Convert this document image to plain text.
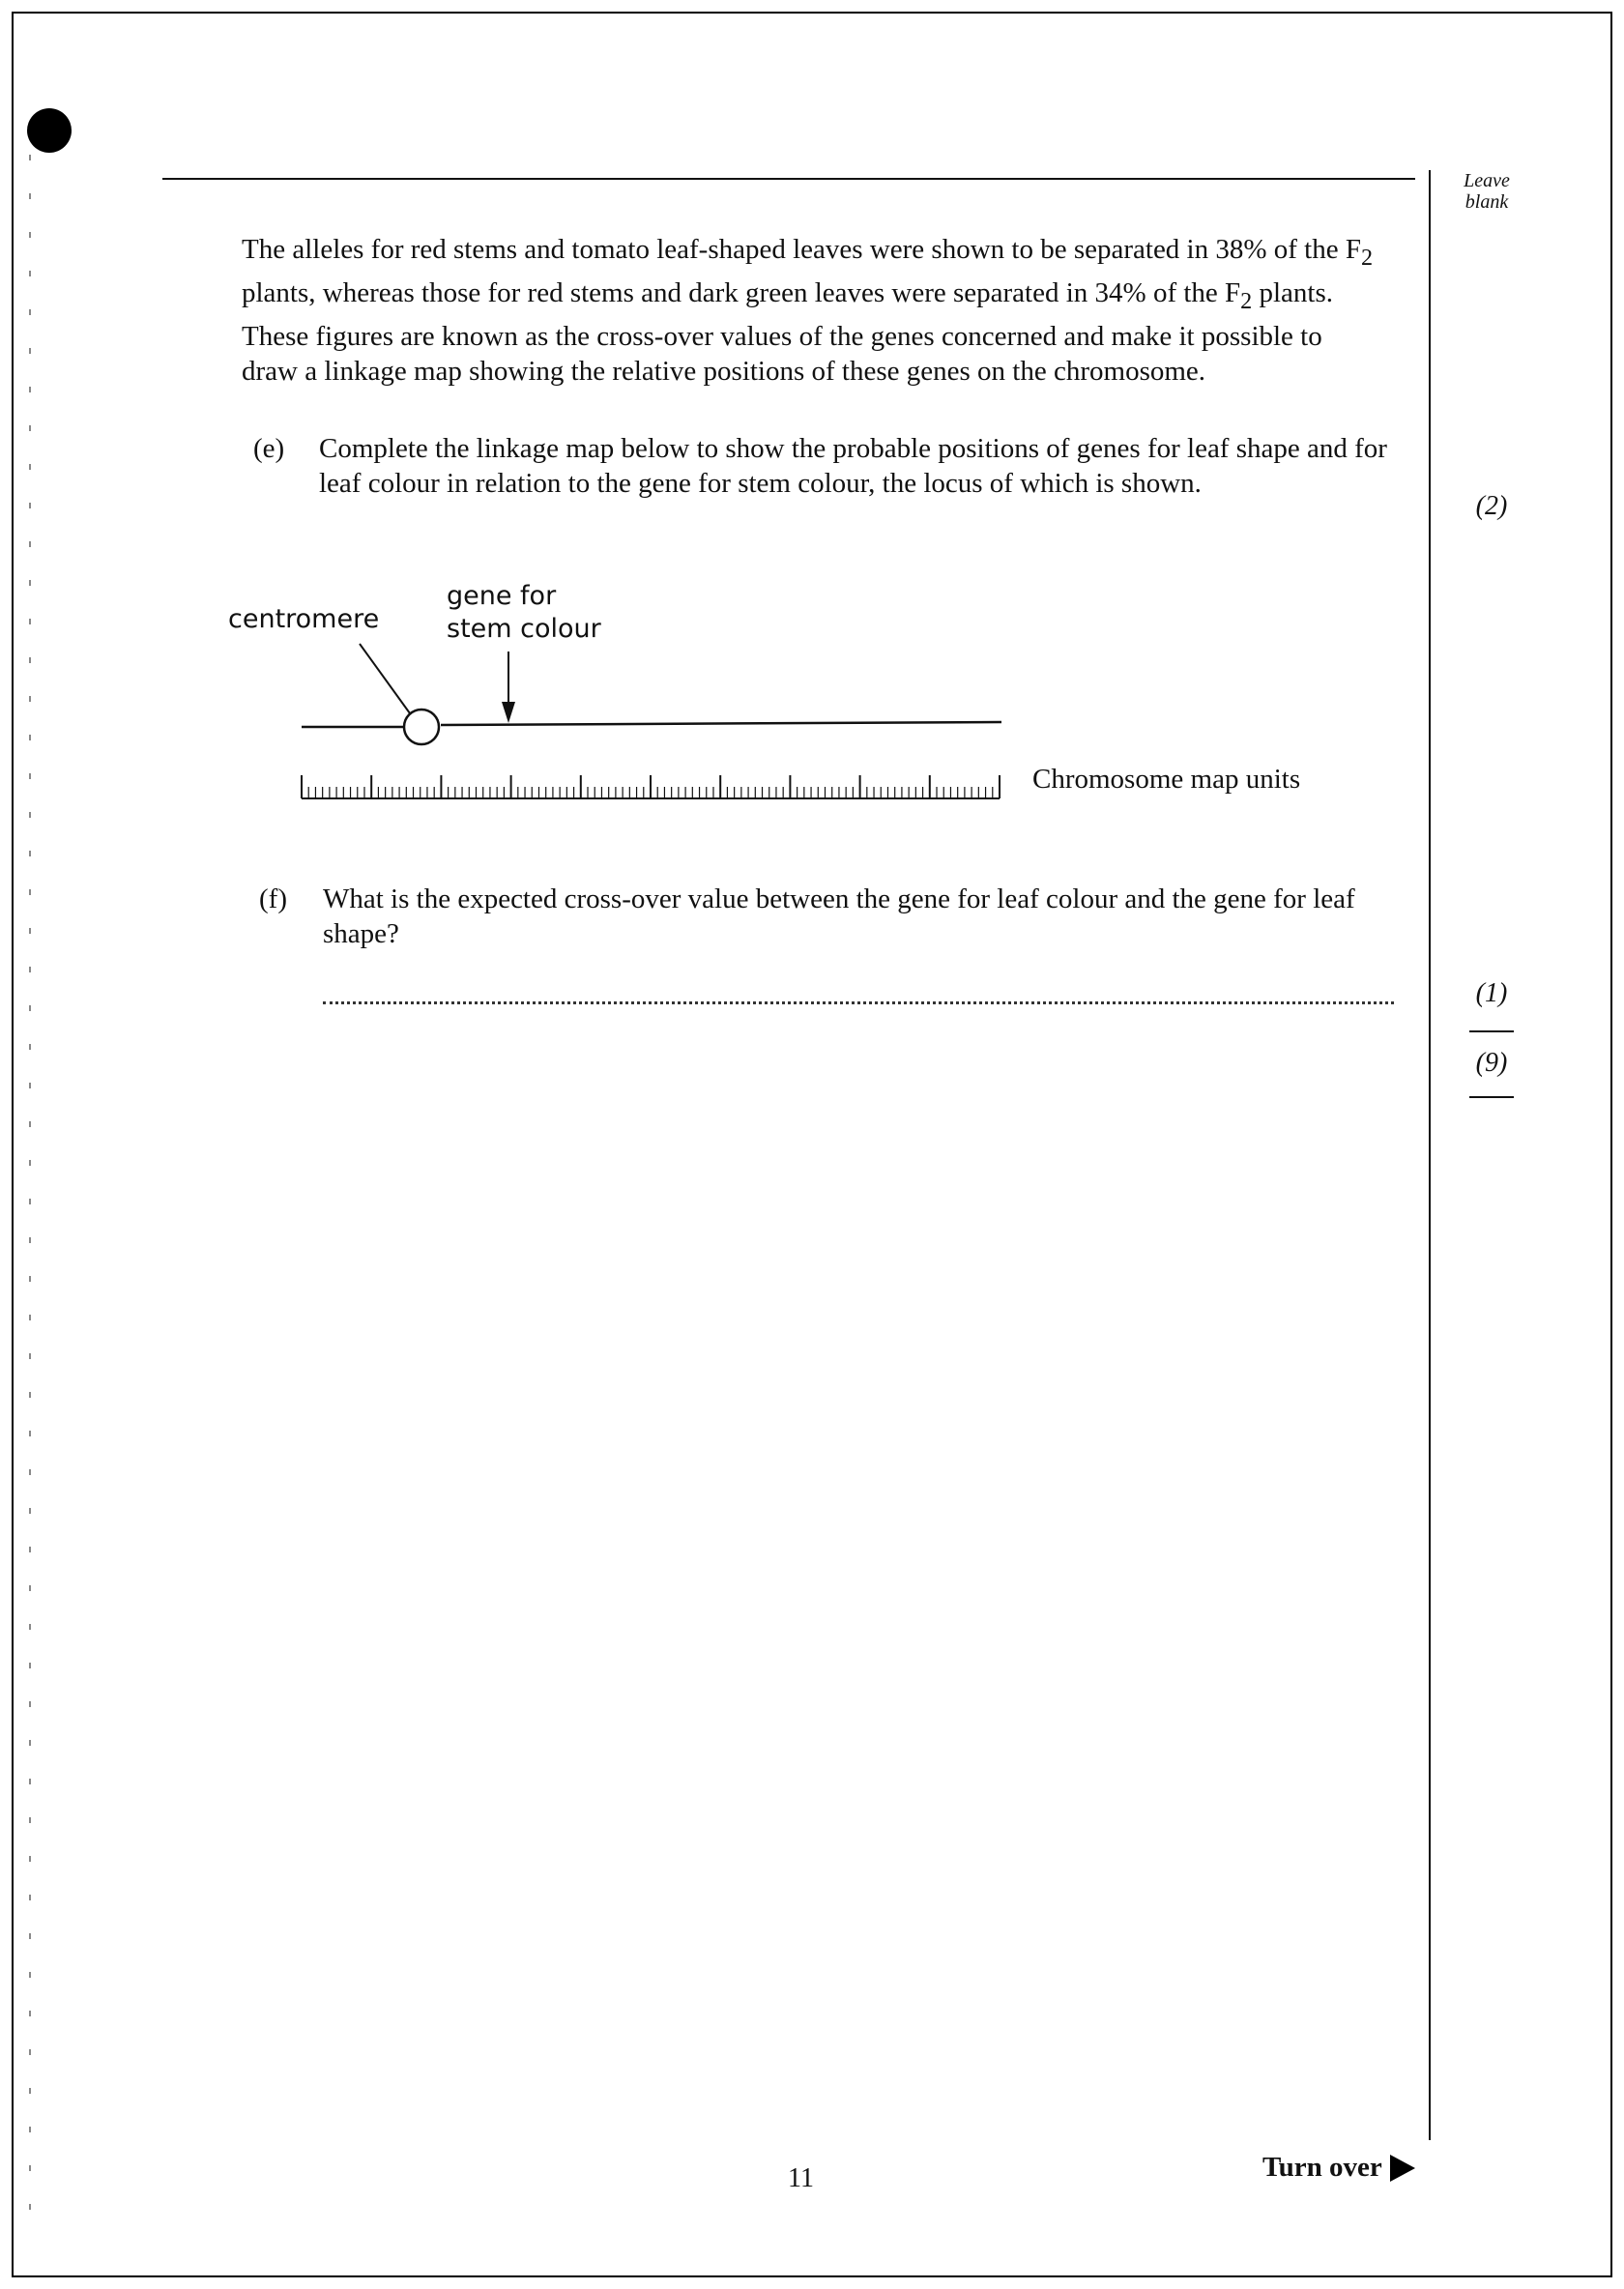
Leave
blank
The alleles for red stems and tomato leaf-shaped leaves were shown to be separated in 38% of the $F_2$ plants, whereas those for red stems and dark green leaves were separated in 34% of the $F_2$ plants. These figures are known as the cross-over values of the genes concerned and make it possible to draw a linkage map showing the relative positions of these genes on the chromosome.
(e) Complete the linkage map below to show the probable positions of genes for leaf shape and for leaf colour in relation to the gene for stem colour, the locus of which is shown.
(2)
centromere
gene for
stem colour
Chromosome map units
(f) What is the expected cross-over value between the gene for leaf colour and the gene for leaf shape?
(1)
(9)
11	Turn over
